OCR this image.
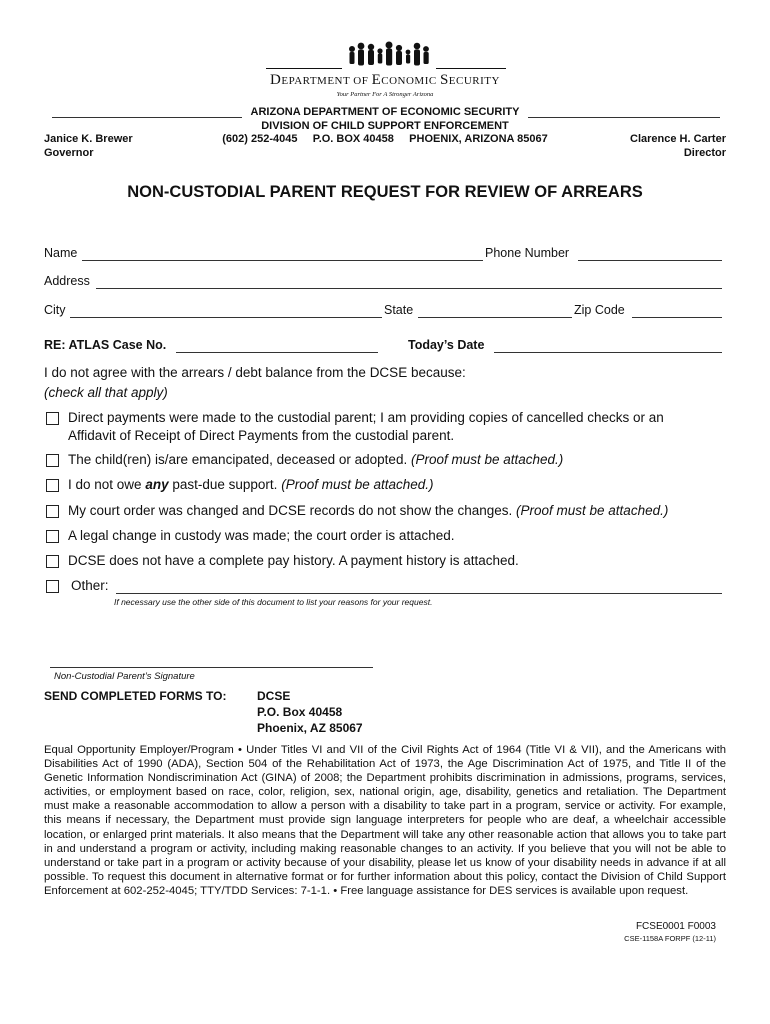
DEPARTMENT OF ECONOMIC SECURITY
Your Partner For A Stronger Arizona
ARIZONA DEPARTMENT OF ECONOMIC SECURITY
DIVISION OF CHILD SUPPORT ENFORCEMENT
(602) 252-4045     P.O. BOX 40458     PHOENIX, ARIZONA 85067
Janice K. Brewer
Governor
Clarence H. Carter
Director
NON-CUSTODIAL PARENT REQUEST FOR REVIEW OF ARREARS
Name	Phone Number
Address
City	State	Zip Code
RE: ATLAS Case No.	Today’s Date
I do not agree with the arrears / debt balance from the DCSE because:
(check all that apply)
Direct payments were made to the custodial parent; I am providing copies of cancelled checks or an
Affidavit of Receipt of Direct Payments from the custodial parent.
The child(ren) is/are emancipated, deceased or adopted. (Proof must be attached.)
I do not owe any past-due support. (Proof must be attached.)
My court order was changed and DCSE records do not show the changes. (Proof must be attached.)
A legal change in custody was made; the court order is attached.
DCSE does not have a complete pay history. A payment history is attached.
Other:
If necessary use the other side of this document to list your reasons for your request.
Non-Custodial Parent’s Signature
SEND COMPLETED FORMS TO:	DCSE
P.O. Box 40458
Phoenix, AZ 85067
Equal Opportunity Employer/Program • Under Titles VI and VII of the Civil Rights Act of 1964 (Title VI & VII), and the Americans with Disabilities Act of 1990 (ADA), Section 504 of the Rehabilitation Act of 1973, the Age Discrimination Act of 1975, and Title II of the Genetic Information Nondiscrimination Act (GINA) of 2008; the Department prohibits discrimination in admissions, programs, services, activities, or employment based on race, color, religion, sex, national origin, age, disability, genetics and retaliation. The Department must make a reasonable accommodation to allow a person with a disability to take part in a program, service or activity. For example, this means if necessary, the Department must provide sign language interpreters for people who are deaf, a wheelchair accessible location, or enlarged print materials. It also means that the Department will take any other reasonable action that allows you to take part in and understand a program or activity, including making reasonable changes to an activity. If you believe that you will not be able to understand or take part in a program or activity because of your disability, please let us know of your disability needs in advance if at all possible. To request this document in alternative format or for further information about this policy, contact the Division of Child Support Enforcement at 602-252-4045; TTY/TDD Services: 7-1-1. • Free language assistance for DES services is available upon request.
FCSE0001 F0003
CSE-1158A FORPF (12-11)
